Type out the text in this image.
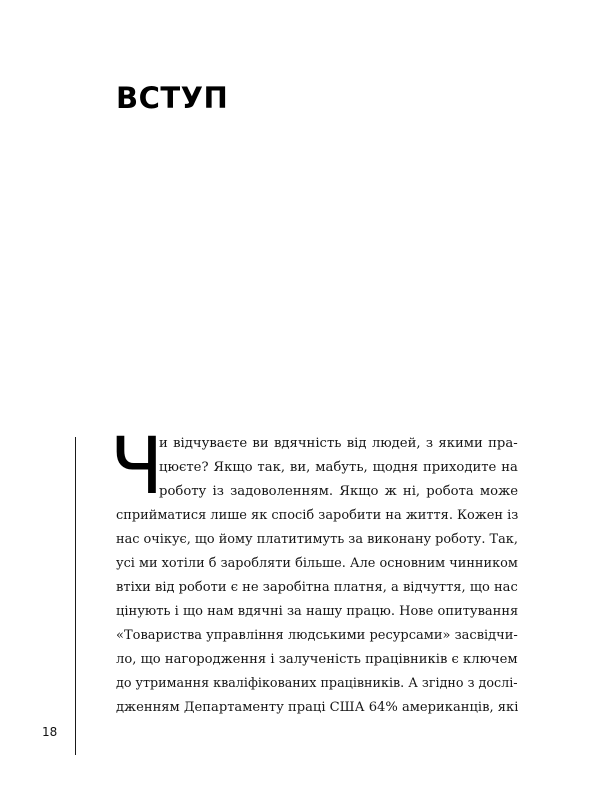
ВСТУП
18
Ч
и відчуваєте ви вдячність від людей, з якими пра-
цюєте? Якщо так, ви, мабуть, щодня приходите на
роботу із задоволенням. Якщо ж ні, робота може
сприйматися лише як спосіб заробити на життя. Кожен із
нас очікує, що йому платитимуть за виконану роботу. Так,
усі ми хотіли б заробляти більше. Але основним чинником
втіхи від роботи є не заробітна платня, а відчуття, що нас
цінують і що нам вдячні за нашу працю. Нове опитування
«Товариства управління людськими ресурсами» засвідчи-
ло, що нагородження і залученість працівників є ключем
до утримання кваліфікованих працівників. А згідно з дослі-
дженням Департаменту праці США 64% американців, які
